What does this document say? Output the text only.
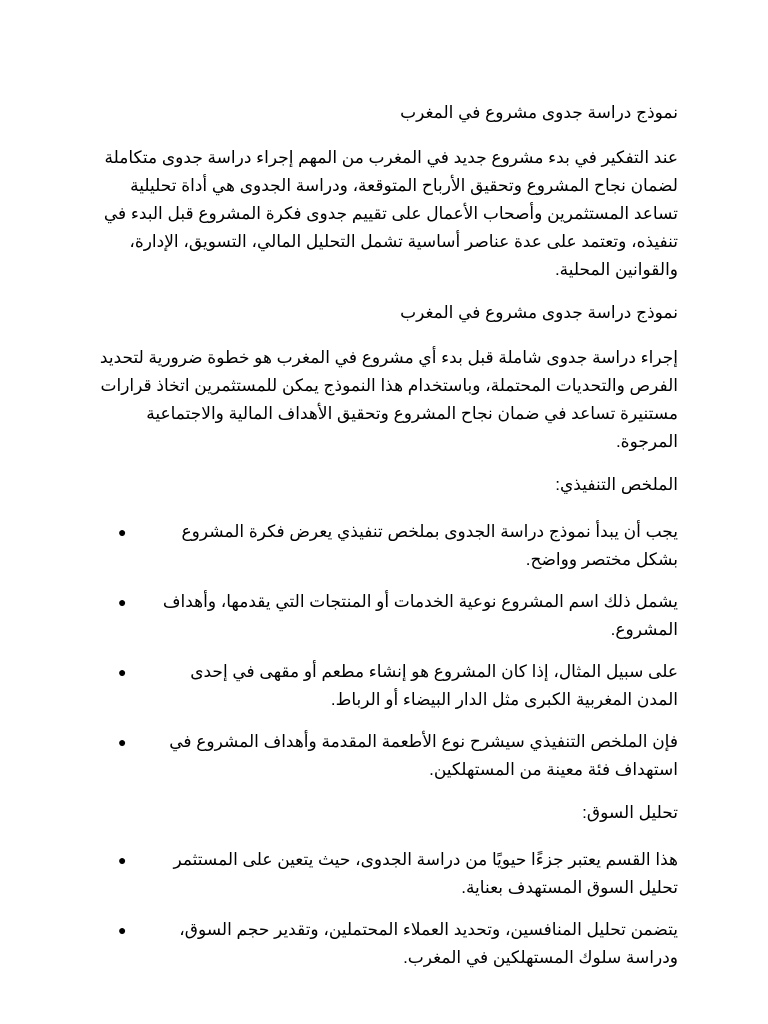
نموذج دراسة جدوى مشروع في المغرب

عند التفكير في بدء مشروع جديد في المغرب من المهم إجراء دراسة جدوى متكاملة لضمان نجاح المشروع وتحقيق الأرباح المتوقعة، ودراسة الجدوى هي أداة تحليلية تساعد المستثمرين وأصحاب الأعمال على تقييم جدوى فكرة المشروع قبل البدء في تنفيذه، وتعتمد على عدة عناصر أساسية تشمل التحليل المالي، التسويق، الإدارة، والقوانين المحلية.

نموذج دراسة جدوى مشروع في المغرب

إجراء دراسة جدوى شاملة قبل بدء أي مشروع في المغرب هو خطوة ضرورية لتحديد الفرص والتحديات المحتملة، وباستخدام هذا النموذج يمكن للمستثمرين اتخاذ قرارات مستنيرة تساعد في ضمان نجاح المشروع وتحقيق الأهداف المالية والاجتماعية المرجوة.

الملخص التنفيذي:
يجب أن يبدأ نموذج دراسة الجدوى بملخص تنفيذي يعرض فكرة المشروع بشكل مختصر وواضح.
●
يشمل ذلك اسم المشروع نوعية الخدمات أو المنتجات التي يقدمها، وأهداف المشروع.
●
على سبيل المثال، إذا كان المشروع هو إنشاء مطعم أو مقهى في إحدى المدن المغربية الكبرى مثل الدار البيضاء أو الرباط.
●
فإن الملخص التنفيذي سيشرح نوع الأطعمة المقدمة وأهداف المشروع في استهداف فئة معينة من المستهلكين.
●
تحليل السوق:
هذا القسم يعتبر جزءًا حيويًا من دراسة الجدوى، حيث يتعين على المستثمر تحليل السوق المستهدف بعناية.
●
يتضمن تحليل المنافسين، وتحديد العملاء المحتملين، وتقدير حجم السوق، ودراسة سلوك المستهلكين في المغرب.
●
